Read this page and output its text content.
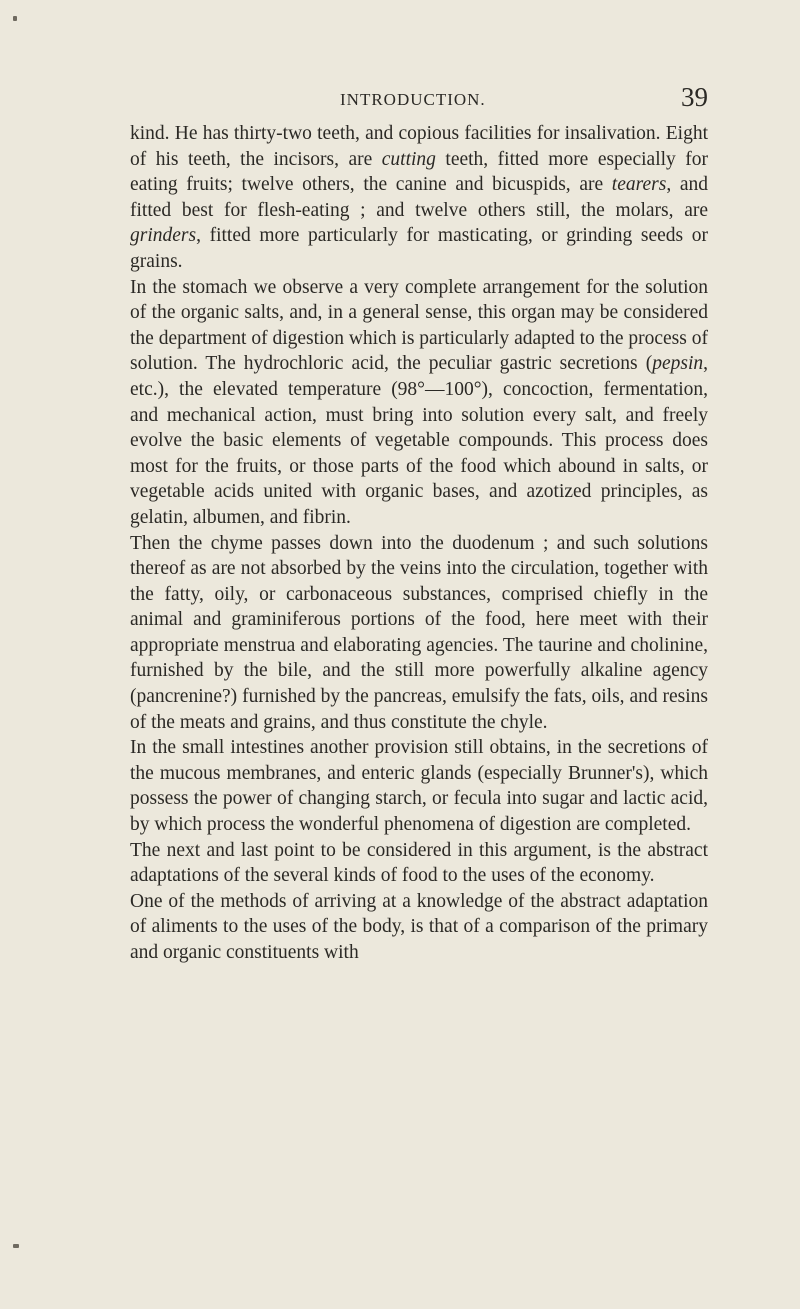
INTRODUCTION.	39

kind. He has thirty-two teeth, and copious facilities for insalivation. Eight of his teeth, the incisors, are cutting teeth, fitted more especially for eating fruits; twelve others, the canine and bicuspids, are tearers, and fitted best for flesh-eating ; and twelve others still, the molars, are grinders, fitted more particularly for masticating, or grinding seeds or grains.

In the stomach we observe a very complete arrangement for the solution of the organic salts, and, in a general sense, this organ may be considered the department of digestion which is particularly adapted to the process of solution. The hydrochloric acid, the peculiar gastric secretions (pepsin, etc.), the elevated temperature (98°—100°), concoction, fermentation, and mechanical action, must bring into solution every salt, and freely evolve the basic elements of vegetable compounds. This process does most for the fruits, or those parts of the food which abound in salts, or vegetable acids united with organic bases, and azotized principles, as gelatin, albumen, and fibrin.

Then the chyme passes down into the duodenum ; and such solutions thereof as are not absorbed by the veins into the circulation, together with the fatty, oily, or carbonaceous substances, comprised chiefly in the animal and graminiferous portions of the food, here meet with their appropriate menstrua and elaborating agencies. The taurine and cholinine, furnished by the bile, and the still more powerfully alkaline agency (pancrenine?) furnished by the pancreas, emulsify the fats, oils, and resins of the meats and grains, and thus constitute the chyle.

In the small intestines another provision still obtains, in the secretions of the mucous membranes, and enteric glands (especially Brunner's), which possess the power of changing starch, or fecula into sugar and lactic acid, by which process the wonderful phenomena of digestion are completed.

The next and last point to be considered in this argument, is the abstract adaptations of the several kinds of food to the uses of the economy.

One of the methods of arriving at a knowledge of the abstract adaptation of aliments to the uses of the body, is that of a comparison of the primary and organic constituents with
